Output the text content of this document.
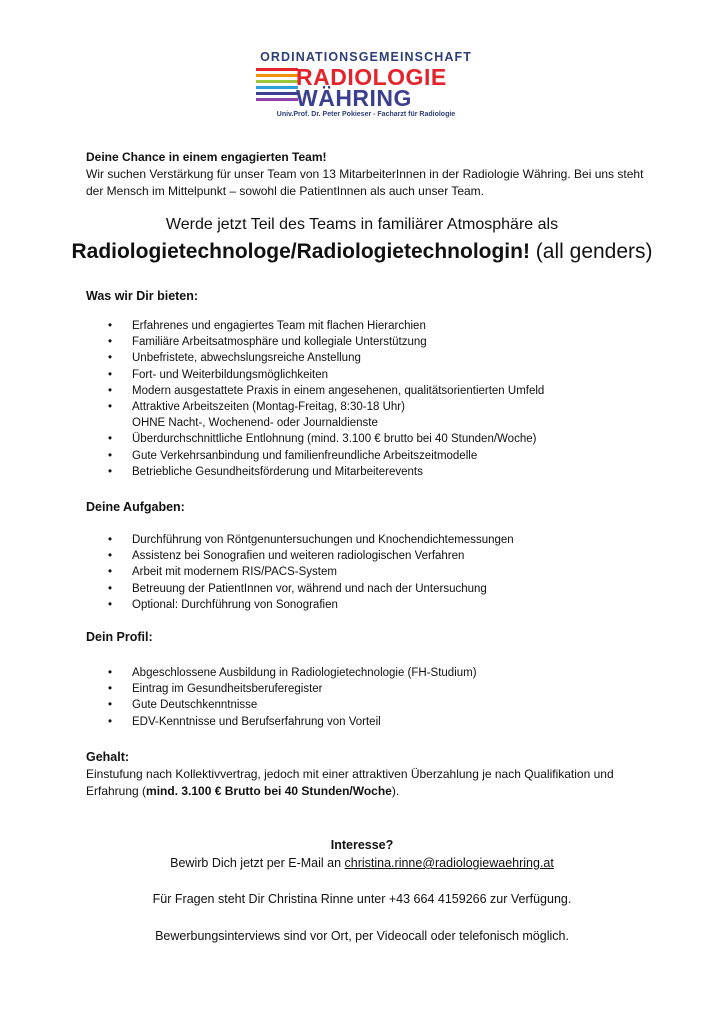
ORDINATIONSGEMEINSCHAFT
RADIOLOGIE
WÄHRING
Univ.Prof. Dr. Peter Pokieser - Facharzt für Radiologie
Deine Chance in einem engagierten Team!
Wir suchen Verstärkung für unser Team von 13 MitarbeiterInnen in der Radiologie Währing. Bei uns steht der Mensch im Mittelpunkt – sowohl die PatientInnen als auch unser Team.
Werde jetzt Teil des Teams in familiärer Atmosphäre als
Radiologietechnologe/Radiologietechnologin! (all genders)
Was wir Dir bieten:
• Erfahrenes und engagiertes Team mit flachen Hierarchien
• Familiäre Arbeitsatmosphäre und kollegiale Unterstützung
• Unbefristete, abwechslungsreiche Anstellung
• Fort- und Weiterbildungsmöglichkeiten
• Modern ausgestattete Praxis in einem angesehenen, qualitätsorientierten Umfeld
• Attraktive Arbeitszeiten (Montag-Freitag, 8:30-18 Uhr)
OHNE Nacht-, Wochenend- oder Journaldienste
• Überdurchschnittliche Entlohnung (mind. 3.100 € brutto bei 40 Stunden/Woche)
• Gute Verkehrsanbindung und familienfreundliche Arbeitszeitmodelle
• Betriebliche Gesundheitsförderung und Mitarbeiterevents
Deine Aufgaben:
• Durchführung von Röntgenuntersuchungen und Knochendichtemessungen
• Assistenz bei Sonografien und weiteren radiologischen Verfahren
• Arbeit mit modernem RIS/PACS-System
• Betreuung der PatientInnen vor, während und nach der Untersuchung
• Optional: Durchführung von Sonografien
Dein Profil:
• Abgeschlossene Ausbildung in Radiologietechnologie (FH-Studium)
• Eintrag im Gesundheitsberuferegister
• Gute Deutschkenntnisse
• EDV-Kenntnisse und Berufserfahrung von Vorteil
Gehalt:
Einstufung nach Kollektivvertrag, jedoch mit einer attraktiven Überzahlung je nach Qualifikation und Erfahrung (mind. 3.100 € Brutto bei 40 Stunden/Woche).
Interesse?
Bewirb Dich jetzt per E-Mail an christina.rinne@radiologiewaehring.at
Für Fragen steht Dir Christina Rinne unter +43 664 4159266 zur Verfügung.
Bewerbungsinterviews sind vor Ort, per Videocall oder telefonisch möglich.
